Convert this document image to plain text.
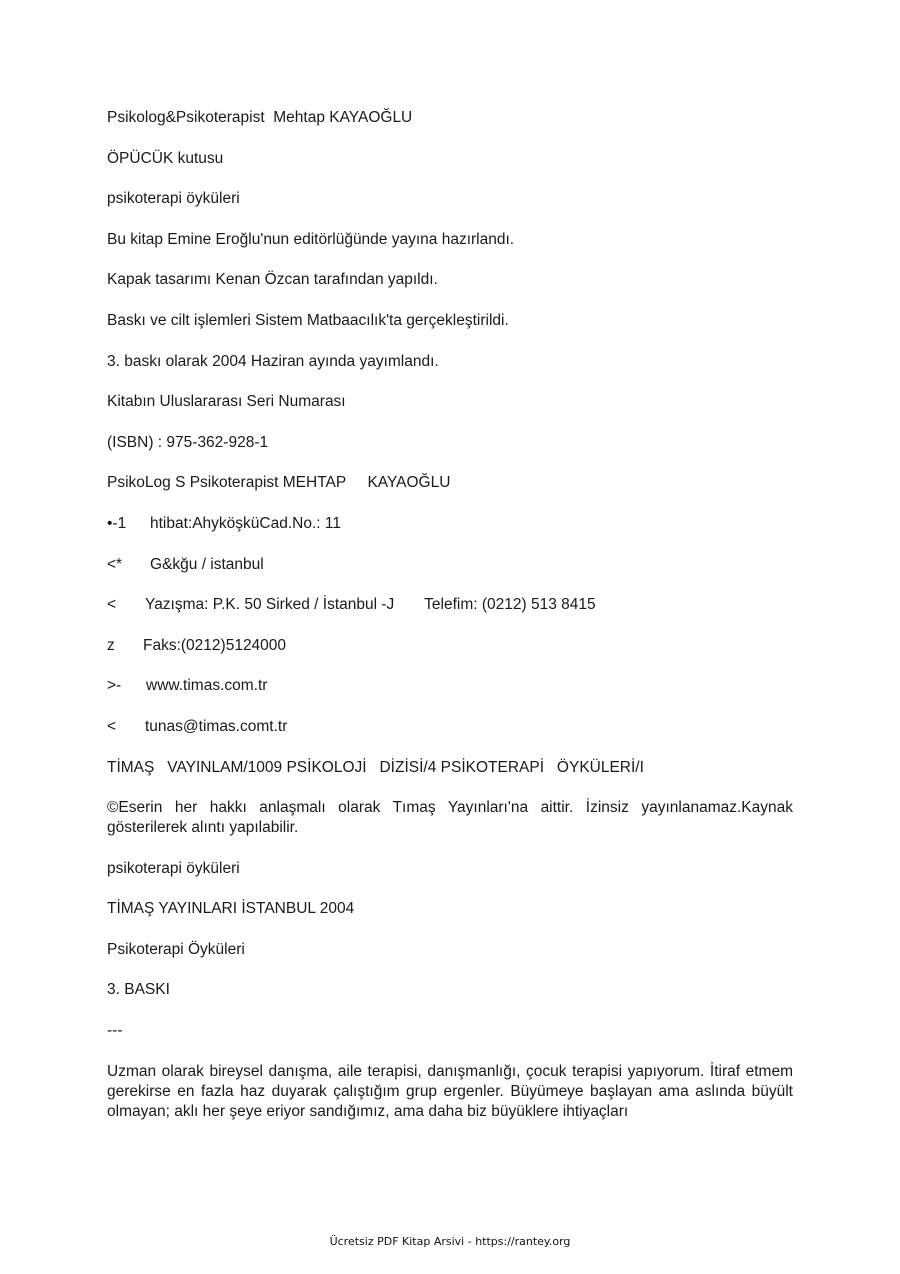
Psikolog&Psikoterapist  Mehtap KAYAOĞLU

ÖPÜCÜK kutusu

psikoterapi öyküleri

Bu kitap Emine Eroğlu'nun editörlüğünde yayına hazırlandı.

Kapak tasarımı Kenan Özcan tarafından yapıldı.

Baskı ve cilt işlemleri Sistem Matbaacılık'ta gerçekleştirildi.

3. baskı olarak 2004 Haziran ayında yayımlandı.

Kitabın Uluslararası Seri Numarası

(ISBN) : 975-362-928-1

PsikoLog S Psikoterapist MEHTAP     KAYAOĞLU

•-1 htibat:AhyköşküCad.No.: 11

<* G&kğu / istanbul

< Yazışma: P.K. 50 Sirked / İstanbul -J       Telefim: (0212) 513 8415

z Faks:(0212)5124000

>- www.timas.com.tr

< tunas@timas.comt.tr

TİMAŞ   VAYINLAM/1009 PSİKOLOJİ   DİZİSİ/4 PSİKOTERAPİ   ÖYKÜLERİ/I

©Eserin her hakkı anlaşmalı olarak Tımaş Yayınları'na aittir. İzinsiz yayınlanamaz.Kaynak gösterilerek alıntı yapılabilir.

psikoterapi öyküleri

TİMAŞ YAYINLARI İSTANBUL 2004

Psikoterapi Öyküleri

3. BASKI

---

Uzman olarak bireysel danışma, aile terapisi, danışmanlığı, çocuk terapisi yapıyorum. İtiraf etmem gerekirse en fazla haz duyarak çalıştığım grup ergenler. Büyümeye başlayan ama aslında büyült olmayan; aklı her şeye eriyor sandığımız, ama daha biz büyüklere ihtiyaçları

Ücretsiz PDF Kitap Arsivi - https://rantey.org
